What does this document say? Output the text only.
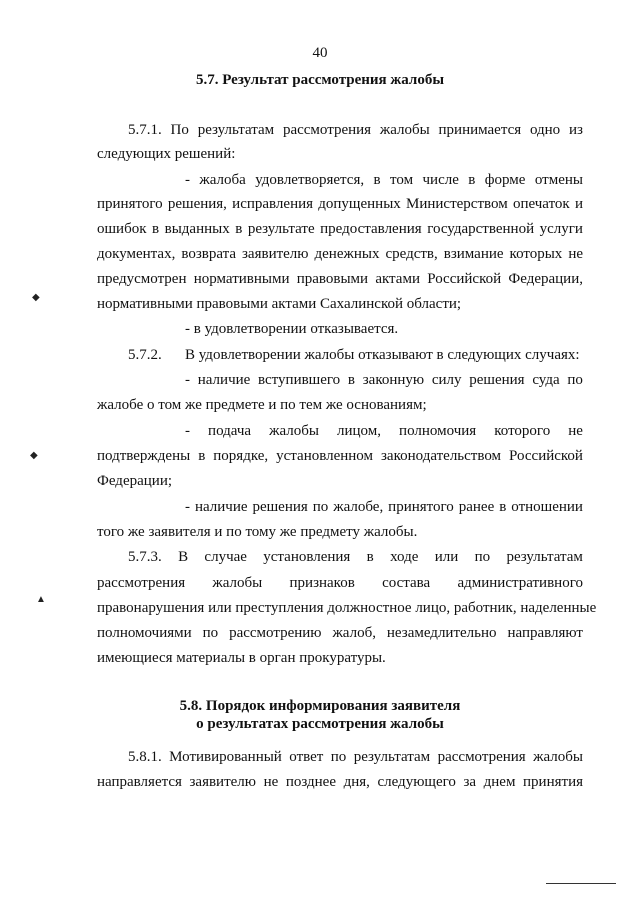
40
5.7. Результат рассмотрения жалобы
5.7.1. По результатам рассмотрения жалобы принимается одно из
следующих решений:
- жалоба удовлетворяется, в том числе в форме отмены
принятого решения, исправления допущенных Министерством опечаток и
ошибок в выданных в результате предоставления государственной услуги
документах, возврата заявителю денежных средств, взимание которых не
предусмотрен нормативными правовыми актами Российской Федерации,
нормативными правовыми актами Сахалинской области;
- в удовлетворении отказывается.
5.7.2. В удовлетворении жалобы отказывают в следующих случаях:
- наличие вступившего в законную силу решения суда по
жалобе о том же предмете и по тем же основаниям;
- подача жалобы лицом, полномочия которого не
подтверждены в порядке, установленном законодательством Российской
Федерации;
- наличие решения по жалобе, принятого ранее в отношении
того же заявителя и по тому же предмету жалобы.
5.7.3. В случае установления в ходе или по результатам
рассмотрения жалобы признаков состава административного
правонарушения или преступления должностное лицо, работник, наделенные
полномочиями по рассмотрению жалоб, незамедлительно направляют
имеющиеся материалы в орган прокуратуры.
5.8. Порядок информирования заявителя
о результатах рассмотрения жалобы
5.8.1. Мотивированный ответ по результатам рассмотрения жалобы
направляется заявителю не позднее дня, следующего за днем принятия
◆
◆
▲
